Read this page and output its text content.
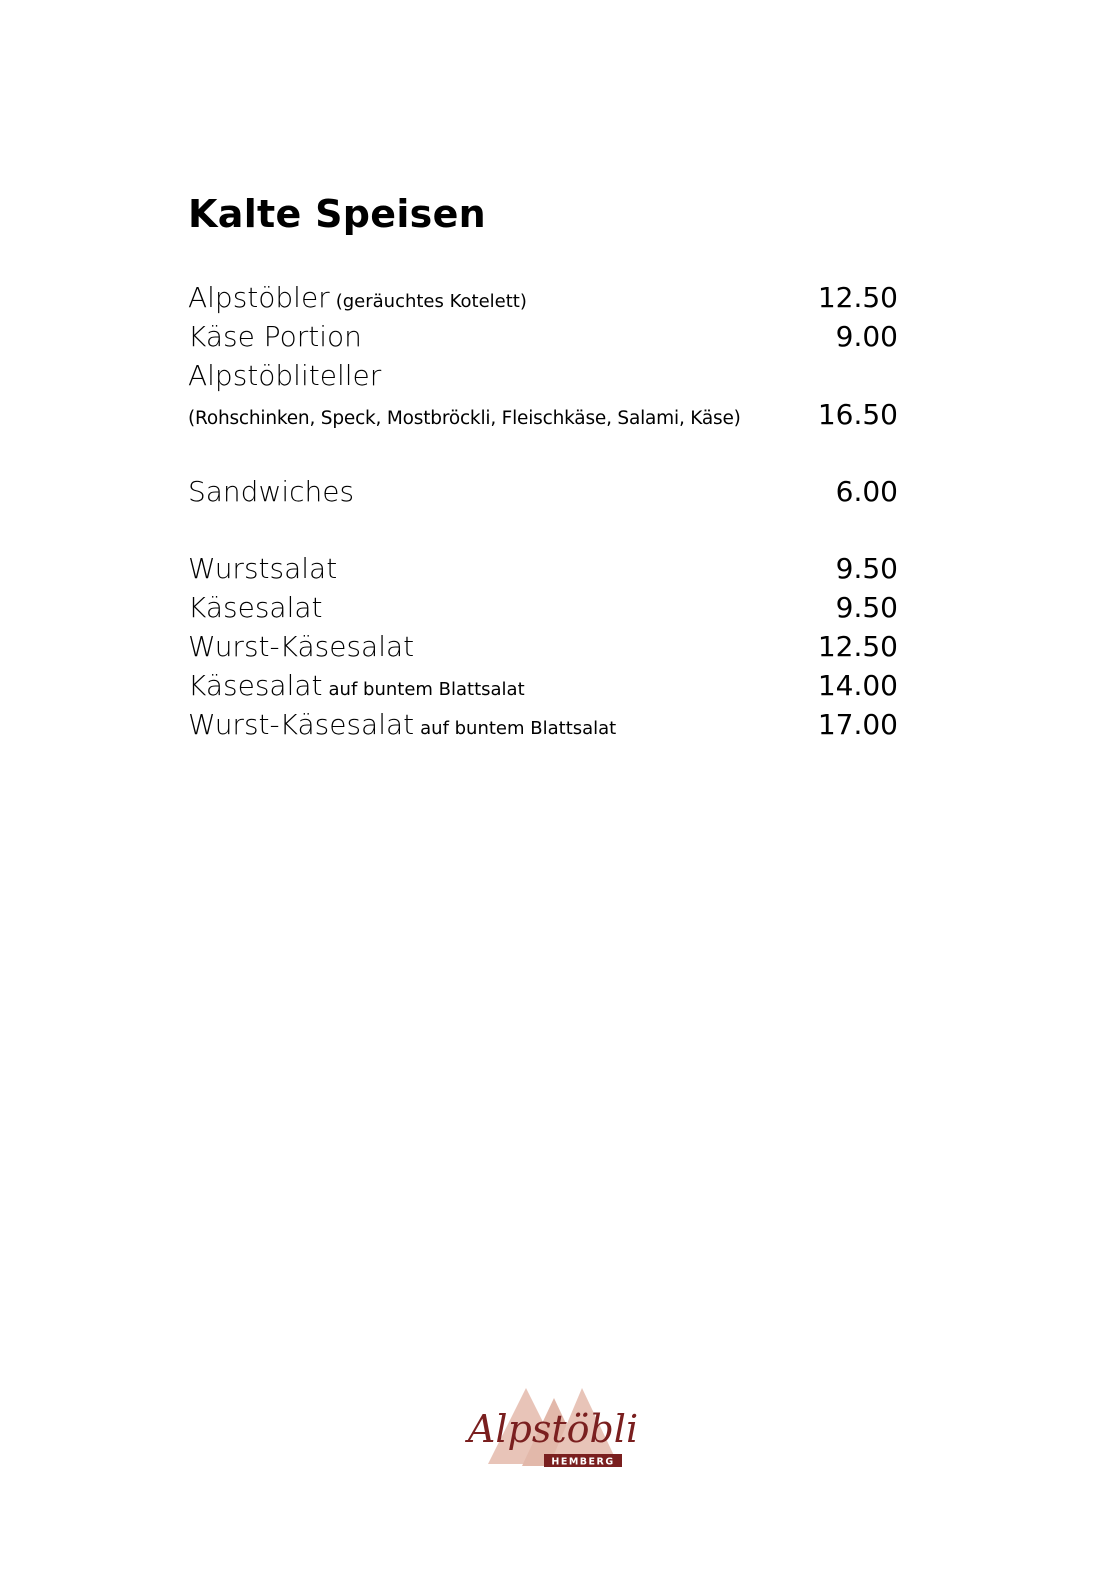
Kalte Speisen
Alpstöbler (geräuchtes Kotelett)	12.50
Käse Portion	9.00
Alpstöbliteller
(Rohschinken, Speck, Mostbröckli, Fleischkäse, Salami, Käse)	16.50
Sandwiches	6.00
Wurstsalat	9.50
Käsesalat	9.50
Wurst-Käsesalat	12.50
Käsesalat auf buntem Blattsalat	14.00
Wurst-Käsesalat auf buntem Blattsalat	17.00
Alpstöbli
HEMBERG
